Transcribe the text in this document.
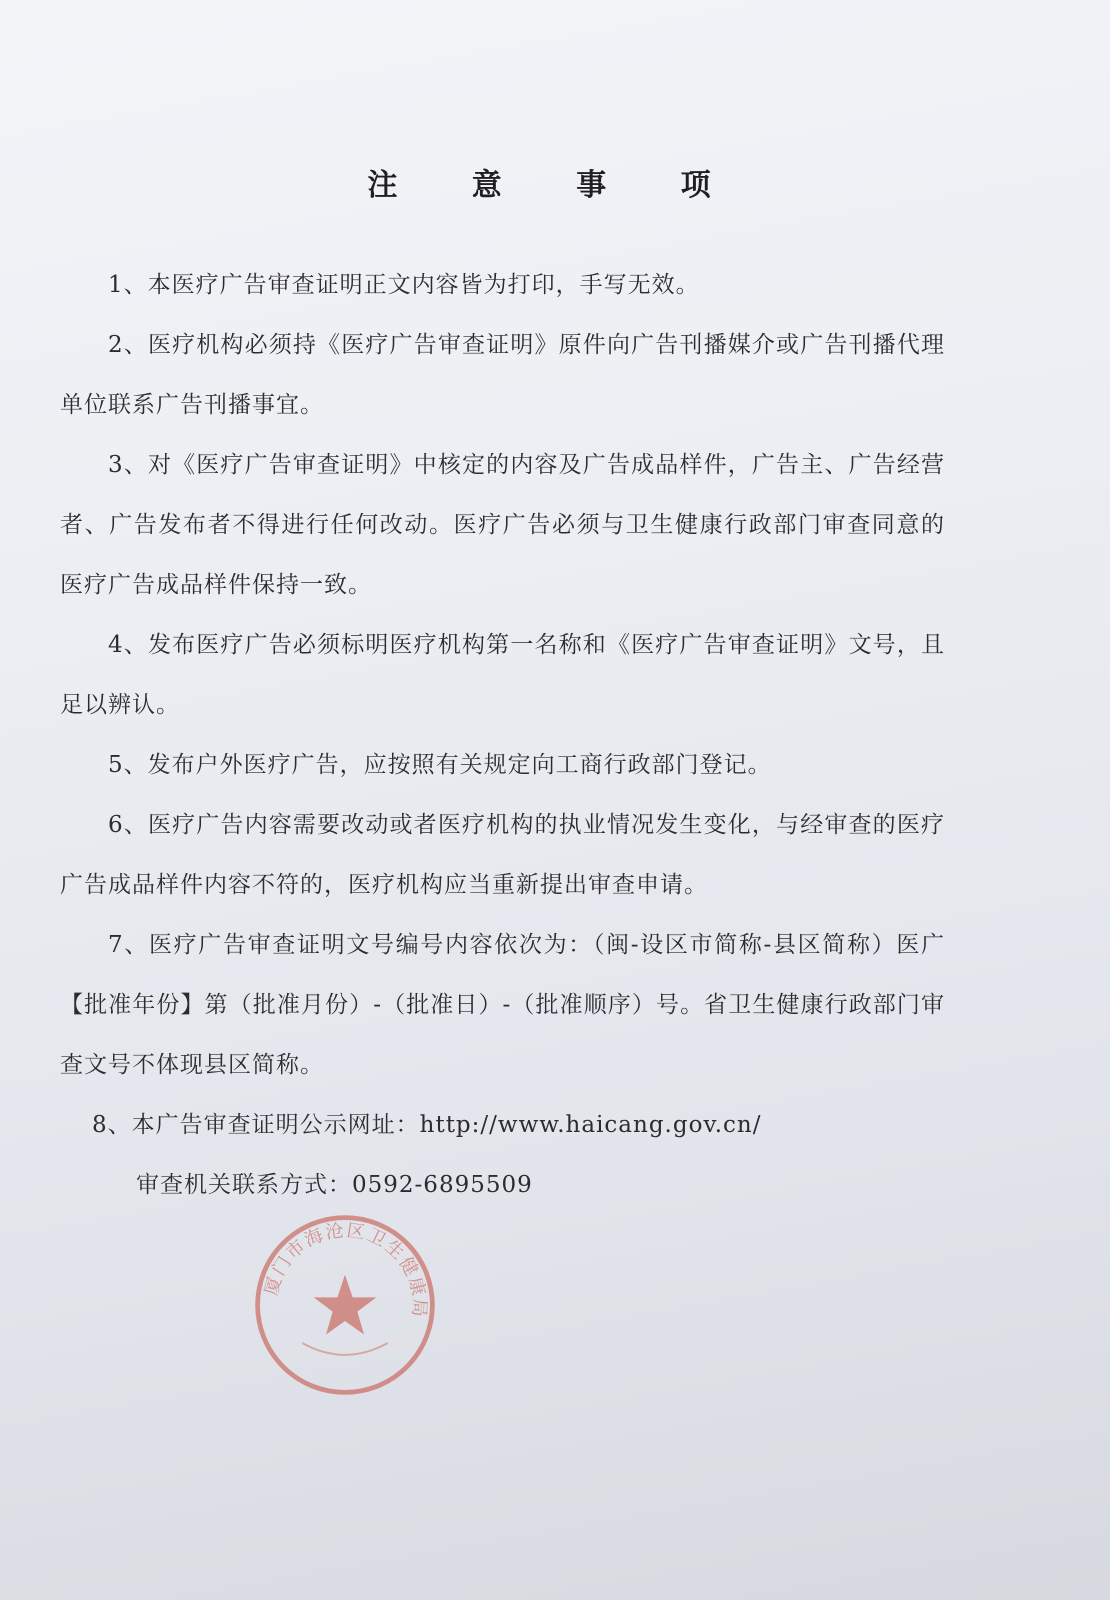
注 意 事 项

1、本医疗广告审查证明正文内容皆为打印，手写无效。

2、医疗机构必须持《医疗广告审查证明》原件向广告刊播媒介或广告刊播代理单位联系广告刊播事宜。

3、对《医疗广告审查证明》中核定的内容及广告成品样件，广告主、广告经营者、广告发布者不得进行任何改动。医疗广告必须与卫生健康行政部门审查同意的医疗广告成品样件保持一致。

4、发布医疗广告必须标明医疗机构第一名称和《医疗广告审查证明》文号，且足以辨认。

5、发布户外医疗广告，应按照有关规定向工商行政部门登记。

6、医疗广告内容需要改动或者医疗机构的执业情况发生变化，与经审查的医疗广告成品样件内容不符的，医疗机构应当重新提出审查申请。

7、医疗广告审查证明文号编号内容依次为：（闽-设区市简称-县区简称）医广【批准年份】第（批准月份）-（批准日）-（批准顺序）号。省卫生健康行政部门审查文号不体现县区简称。

8、本广告审查证明公示网址：http://www.haicang.gov.cn/

审查机关联系方式：0592-6895509

厦门市海沧区卫生健康局
